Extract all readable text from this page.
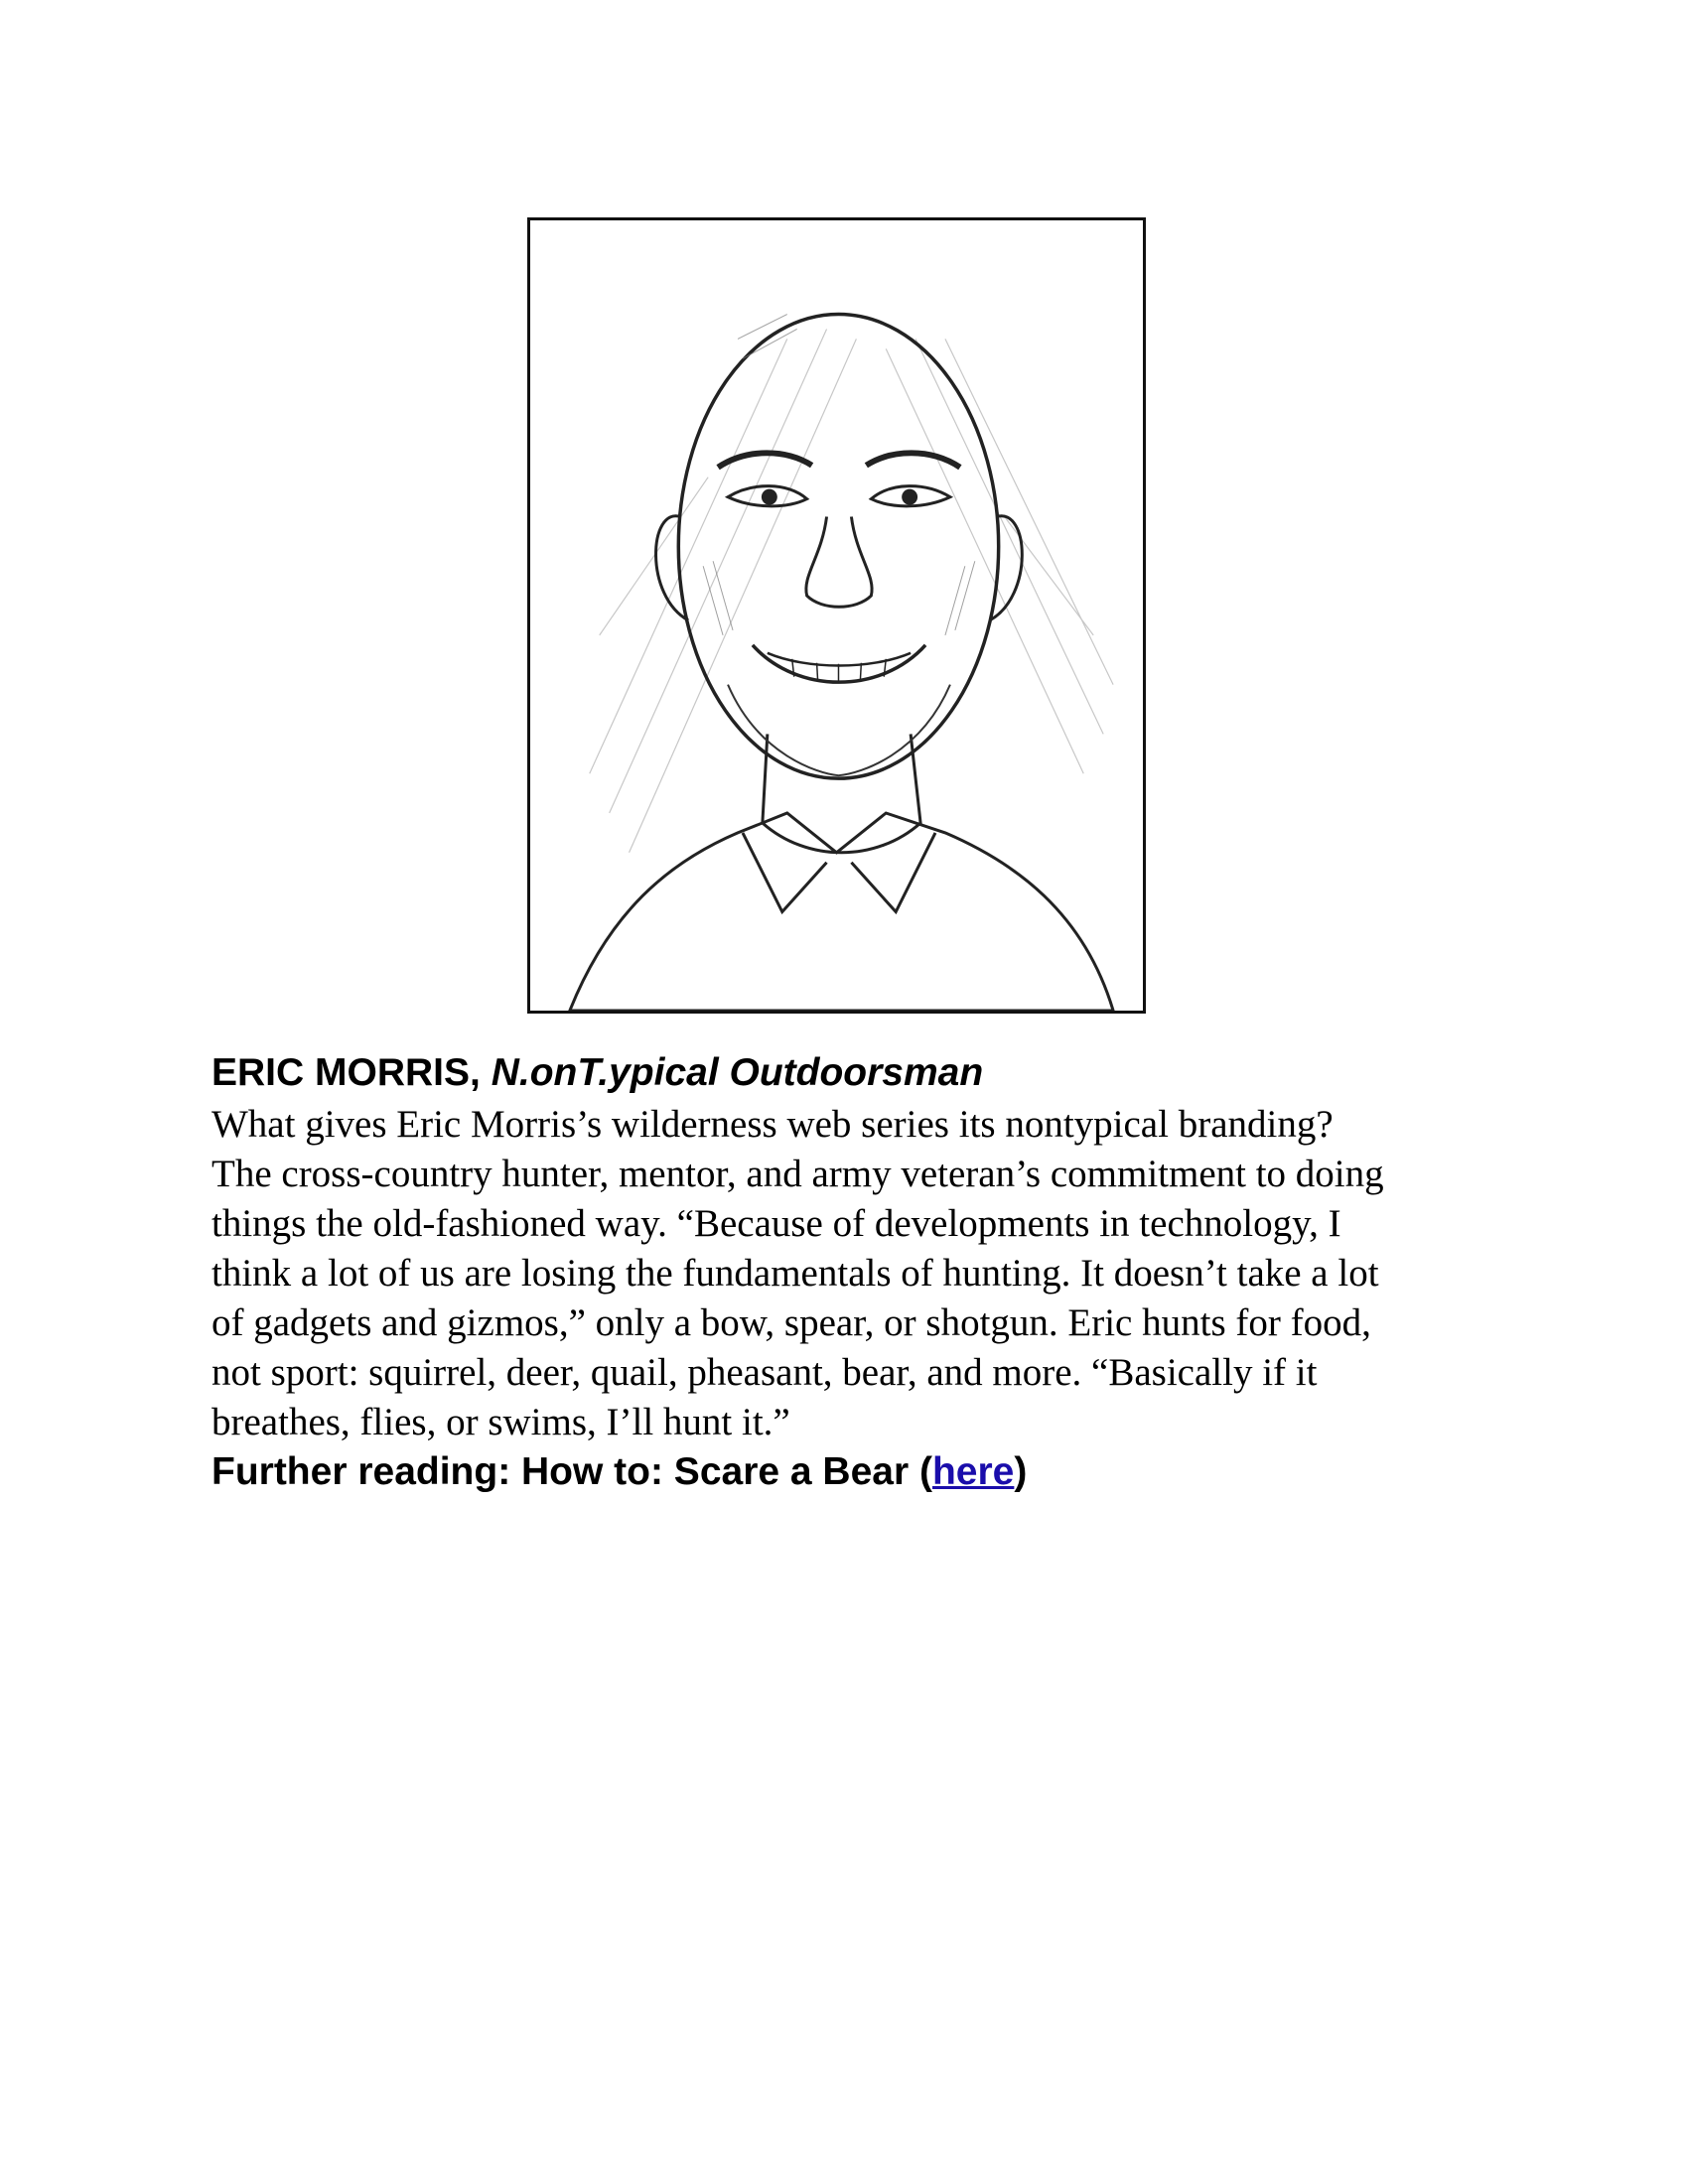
ERIC MORRIS, N.onT.ypical Outdoorsman

What gives Eric Morris’s wilderness web series its nontypical branding?
The cross-country hunter, mentor, and army veteran’s commitment to doing
things the old-fashioned way. “Because of developments in technology, I
think a lot of us are losing the fundamentals of hunting. It doesn’t take a lot
of gadgets and gizmos,” only a bow, spear, or shotgun. Eric hunts for food,
not sport: squirrel, deer, quail, pheasant, bear, and more. “Basically if it
breathes, flies, or swims, I’ll hunt it.”

Further reading: How to: Scare a Bear (here)
